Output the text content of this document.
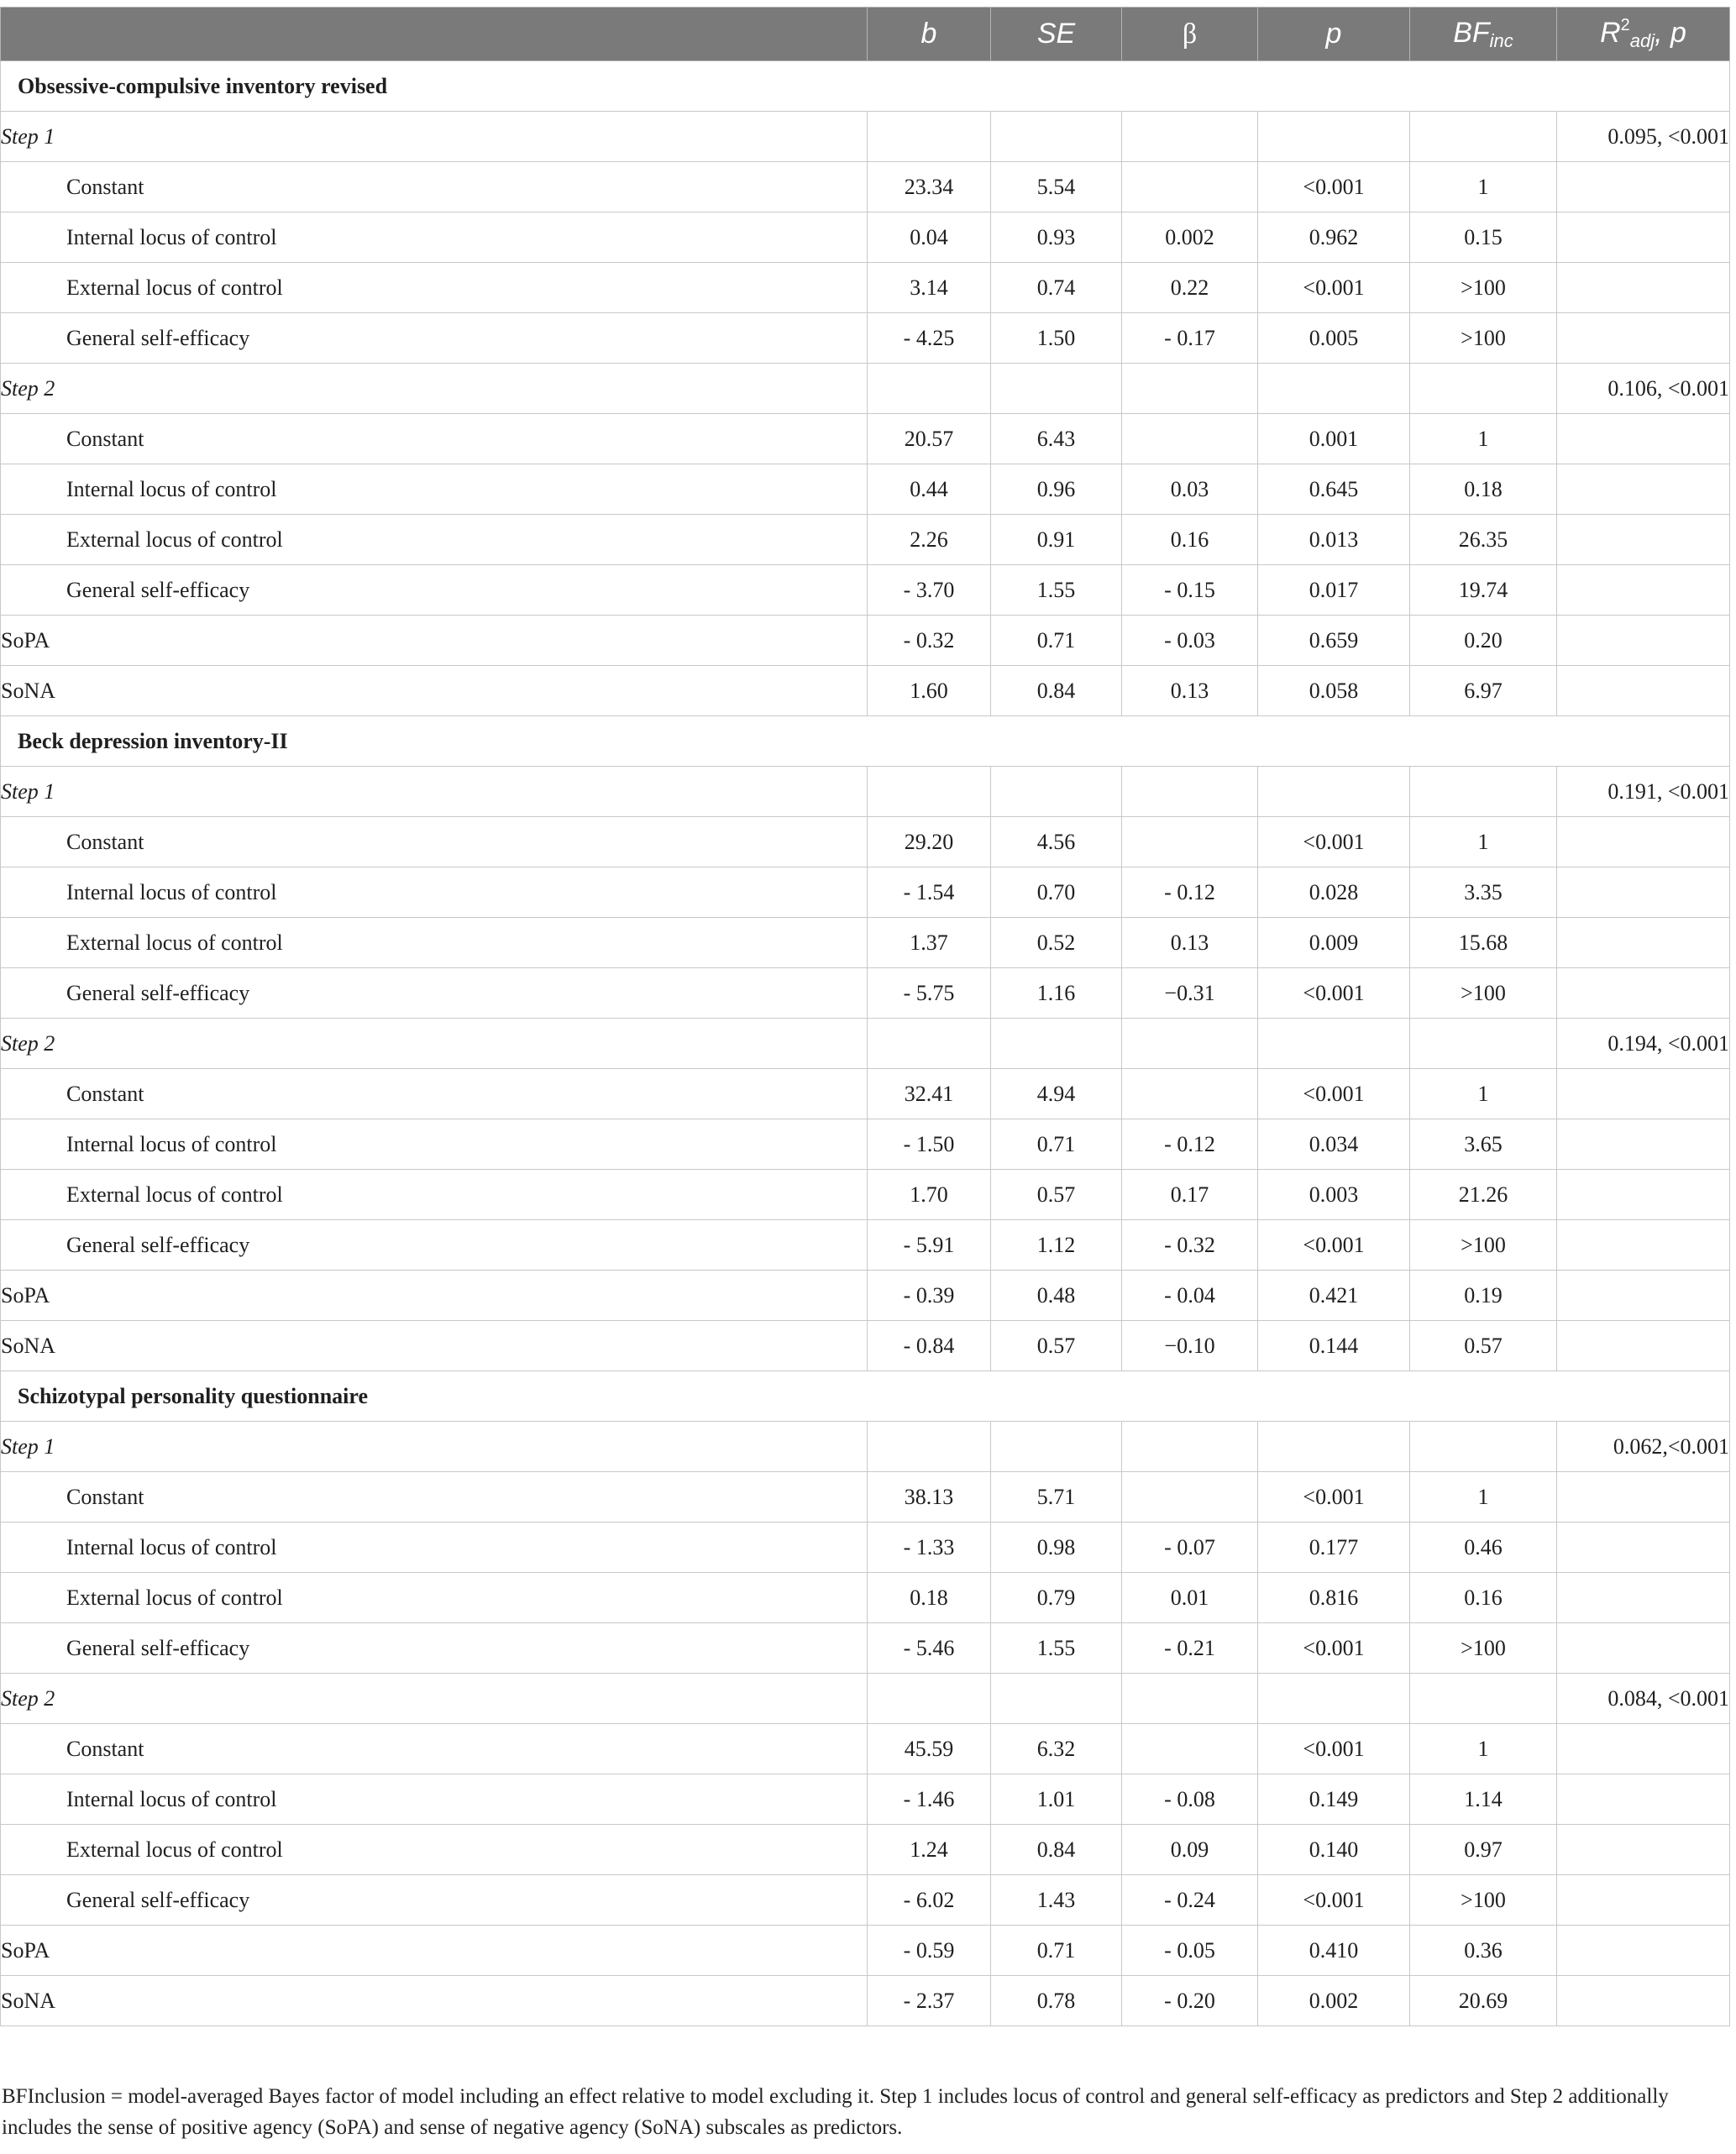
	b	SE	β	p	$BF_{inc}$	$R^2_{adj}$, p
Obsessive-compulsive inventory revised						
Step 1						0.095, <0.001
Constant	23.34	5.54		<0.001	1	
Internal locus of control	0.04	0.93	0.002	0.962	0.15	
External locus of control	3.14	0.74	0.22	<0.001	>100	
General self-efficacy	- 4.25	1.50	- 0.17	0.005	>100	
Step 2						0.106, <0.001
Constant	20.57	6.43		0.001	1	
Internal locus of control	0.44	0.96	0.03	0.645	0.18	
External locus of control	2.26	0.91	0.16	0.013	26.35	
General self-efficacy	- 3.70	1.55	- 0.15	0.017	19.74	
SoPA	- 0.32	0.71	- 0.03	0.659	0.20	
SoNA	1.60	0.84	0.13	0.058	6.97	
Beck depression inventory-II						
Step 1						0.191, <0.001
Constant	29.20	4.56		<0.001	1	
Internal locus of control	- 1.54	0.70	- 0.12	0.028	3.35	
External locus of control	1.37	0.52	0.13	0.009	15.68	
General self-efficacy	- 5.75	1.16	−0.31	<0.001	>100	
Step 2						0.194, <0.001
Constant	32.41	4.94		<0.001	1	
Internal locus of control	- 1.50	0.71	- 0.12	0.034	3.65	
External locus of control	1.70	0.57	0.17	0.003	21.26	
General self-efficacy	- 5.91	1.12	- 0.32	<0.001	>100	
SoPA	- 0.39	0.48	- 0.04	0.421	0.19	
SoNA	- 0.84	0.57	−0.10	0.144	0.57	
Schizotypal personality questionnaire						
Step 1						0.062,<0.001
Constant	38.13	5.71		<0.001	1	
Internal locus of control	- 1.33	0.98	- 0.07	0.177	0.46	
External locus of control	0.18	0.79	0.01	0.816	0.16	
General self-efficacy	- 5.46	1.55	- 0.21	<0.001	>100	
Step 2						0.084, <0.001
Constant	45.59	6.32		<0.001	1	
Internal locus of control	- 1.46	1.01	- 0.08	0.149	1.14	
External locus of control	1.24	0.84	0.09	0.140	0.97	
General self-efficacy	- 6.02	1.43	- 0.24	<0.001	>100	
SoPA	- 0.59	0.71	- 0.05	0.410	0.36	
SoNA	- 2.37	0.78	- 0.20	0.002	20.69	
BFInclusion = model-averaged Bayes factor of model including an effect relative to model excluding it. Step 1 includes locus of control and general self-efficacy as predictors and Step 2 additionally includes the sense of positive agency (SoPA) and sense of negative agency (SoNA) subscales as predictors.
